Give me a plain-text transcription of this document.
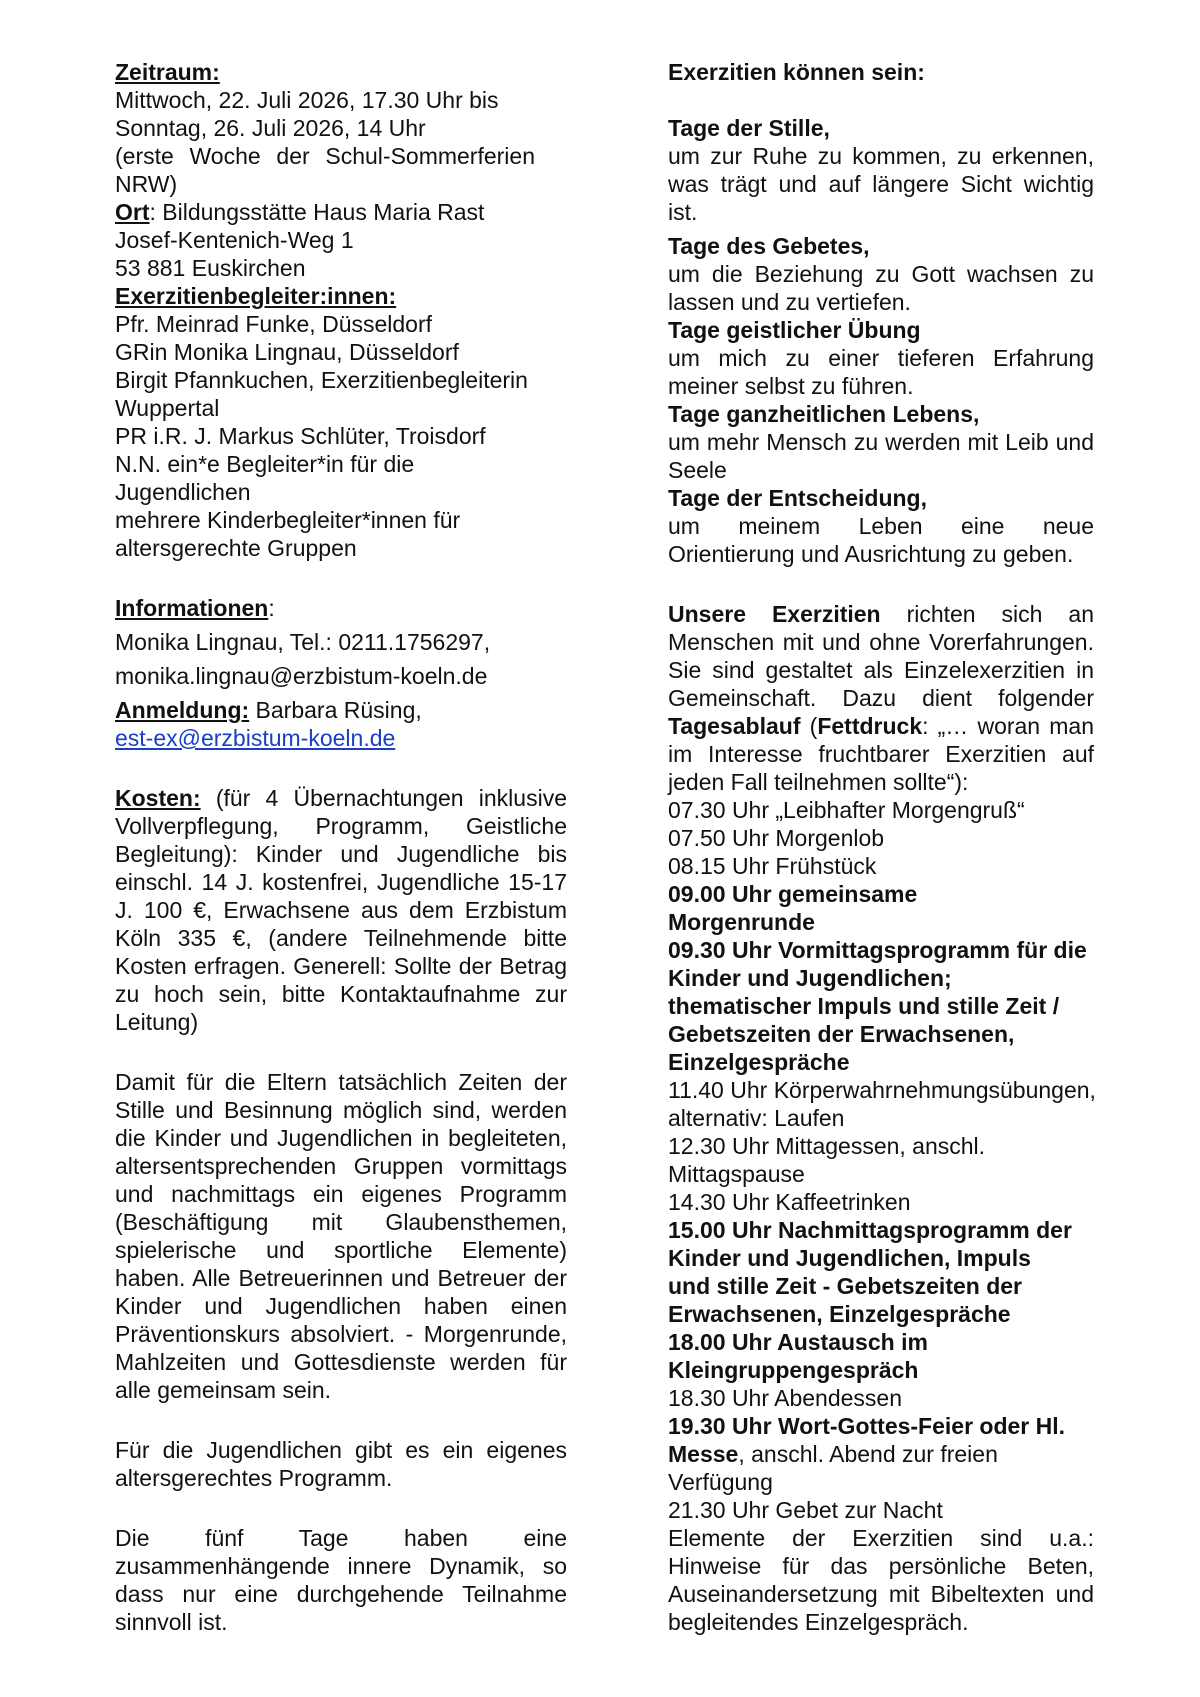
Zeitraum:

Mittwoch, 22. Juli 2026, 17.30 Uhr bis

Sonntag, 26. Juli 2026, 14 Uhr

(erste Woche der Schul-Sommerferien NRW)

Ort: Bildungsstätte Haus Maria Rast

Josef-Kentenich-Weg 1

53 881 Euskirchen

Exerzitienbegleiter:innen:

Pfr. Meinrad Funke, Düsseldorf

GRin Monika Lingnau, Düsseldorf

Birgit Pfannkuchen, Exerzitienbegleiterin Wuppertal

PR i.R. J. Markus Schlüter, Troisdorf

N.N. ein*e Begleiter*in für die Jugendlichen

mehrere Kinderbegleiter*innen für altersgerechte Gruppen

Informationen:

Monika Lingnau, Tel.: 0211.1756297,

monika.lingnau@erzbistum-koeln.de

Anmeldung: Barbara Rüsing,

est-ex@erzbistum-koeln.de

Kosten: (für 4 Übernachtungen inklusive Vollverpflegung, Programm, Geistliche Begleitung): Kinder und Jugendliche bis einschl. 14 J. kostenfrei, Jugendliche 15-17 J. 100 €, Erwachsene aus dem Erzbistum Köln 335 €, (andere Teilnehmende bitte Kosten erfragen. Generell: Sollte der Betrag zu hoch sein, bitte Kontaktaufnahme zur Leitung)

Damit für die Eltern tatsächlich Zeiten der Stille und Besinnung möglich sind, werden die Kinder und Jugendlichen in begleiteten, altersentsprechenden Gruppen vormittags und nachmittags ein eigenes Programm (Beschäftigung mit Glaubensthemen, spielerische und sportliche Elemente) haben. Alle Betreuerinnen und Betreuer der Kinder und Jugendlichen haben einen Präventionskurs absolviert. - Morgenrunde, Mahlzeiten und Gottesdienste werden für alle gemeinsam sein.

Für die Jugendlichen gibt es ein eigenes altersgerechtes Programm.

Die fünf Tage haben eine zusammenhängende innere Dynamik, so dass nur eine durchgehende Teilnahme sinnvoll ist.

Exerzitien können sein:

Tage der Stille,

um zur Ruhe zu kommen, zu erkennen, was trägt und auf längere Sicht wichtig ist.

Tage des Gebetes,

um die Beziehung zu Gott wachsen zu lassen und zu vertiefen.

Tage geistlicher Übung

um mich zu einer tieferen Erfahrung meiner selbst zu führen.

Tage ganzheitlichen Lebens,

um mehr Mensch zu werden mit Leib und Seele

Tage der Entscheidung,

um meinem Leben eine neue Orientierung und Ausrichtung zu geben.

Unsere Exerzitien richten sich an Menschen mit und ohne Vorerfahrungen. Sie sind gestaltet als Einzelexerzitien in Gemeinschaft. Dazu dient folgender Tagesablauf (Fettdruck: „… woran man im Interesse fruchtbarer Exerzitien auf jeden Fall teilnehmen sollte“):

07.30 Uhr „Leibhafter Morgengruß“

07.50 Uhr Morgenlob

08.15 Uhr Frühstück

09.00 Uhr gemeinsame Morgenrunde

09.30 Uhr Vormittagsprogramm für die Kinder und Jugendlichen; thematischer Impuls und stille Zeit / Gebetszeiten der Erwachsenen, Einzelgespräche

11.40 Uhr Körperwahrnehmungsübungen, alternativ: Laufen

12.30 Uhr Mittagessen, anschl. Mittagspause

14.30 Uhr Kaffeetrinken

15.00 Uhr Nachmittagsprogramm der Kinder und Jugendlichen, Impuls und stille Zeit - Gebetszeiten der Erwachsenen, Einzelgespräche

18.00 Uhr Austausch im Kleingruppengespräch

18.30 Uhr Abendessen

19.30 Uhr Wort-Gottes-Feier oder Hl. Messe, anschl. Abend zur freien Verfügung

21.30 Uhr Gebet zur Nacht

Elemente der Exerzitien sind u.a.: Hinweise für das persönliche Beten, Auseinandersetzung mit Bibeltexten und begleitendes Einzelgespräch.
